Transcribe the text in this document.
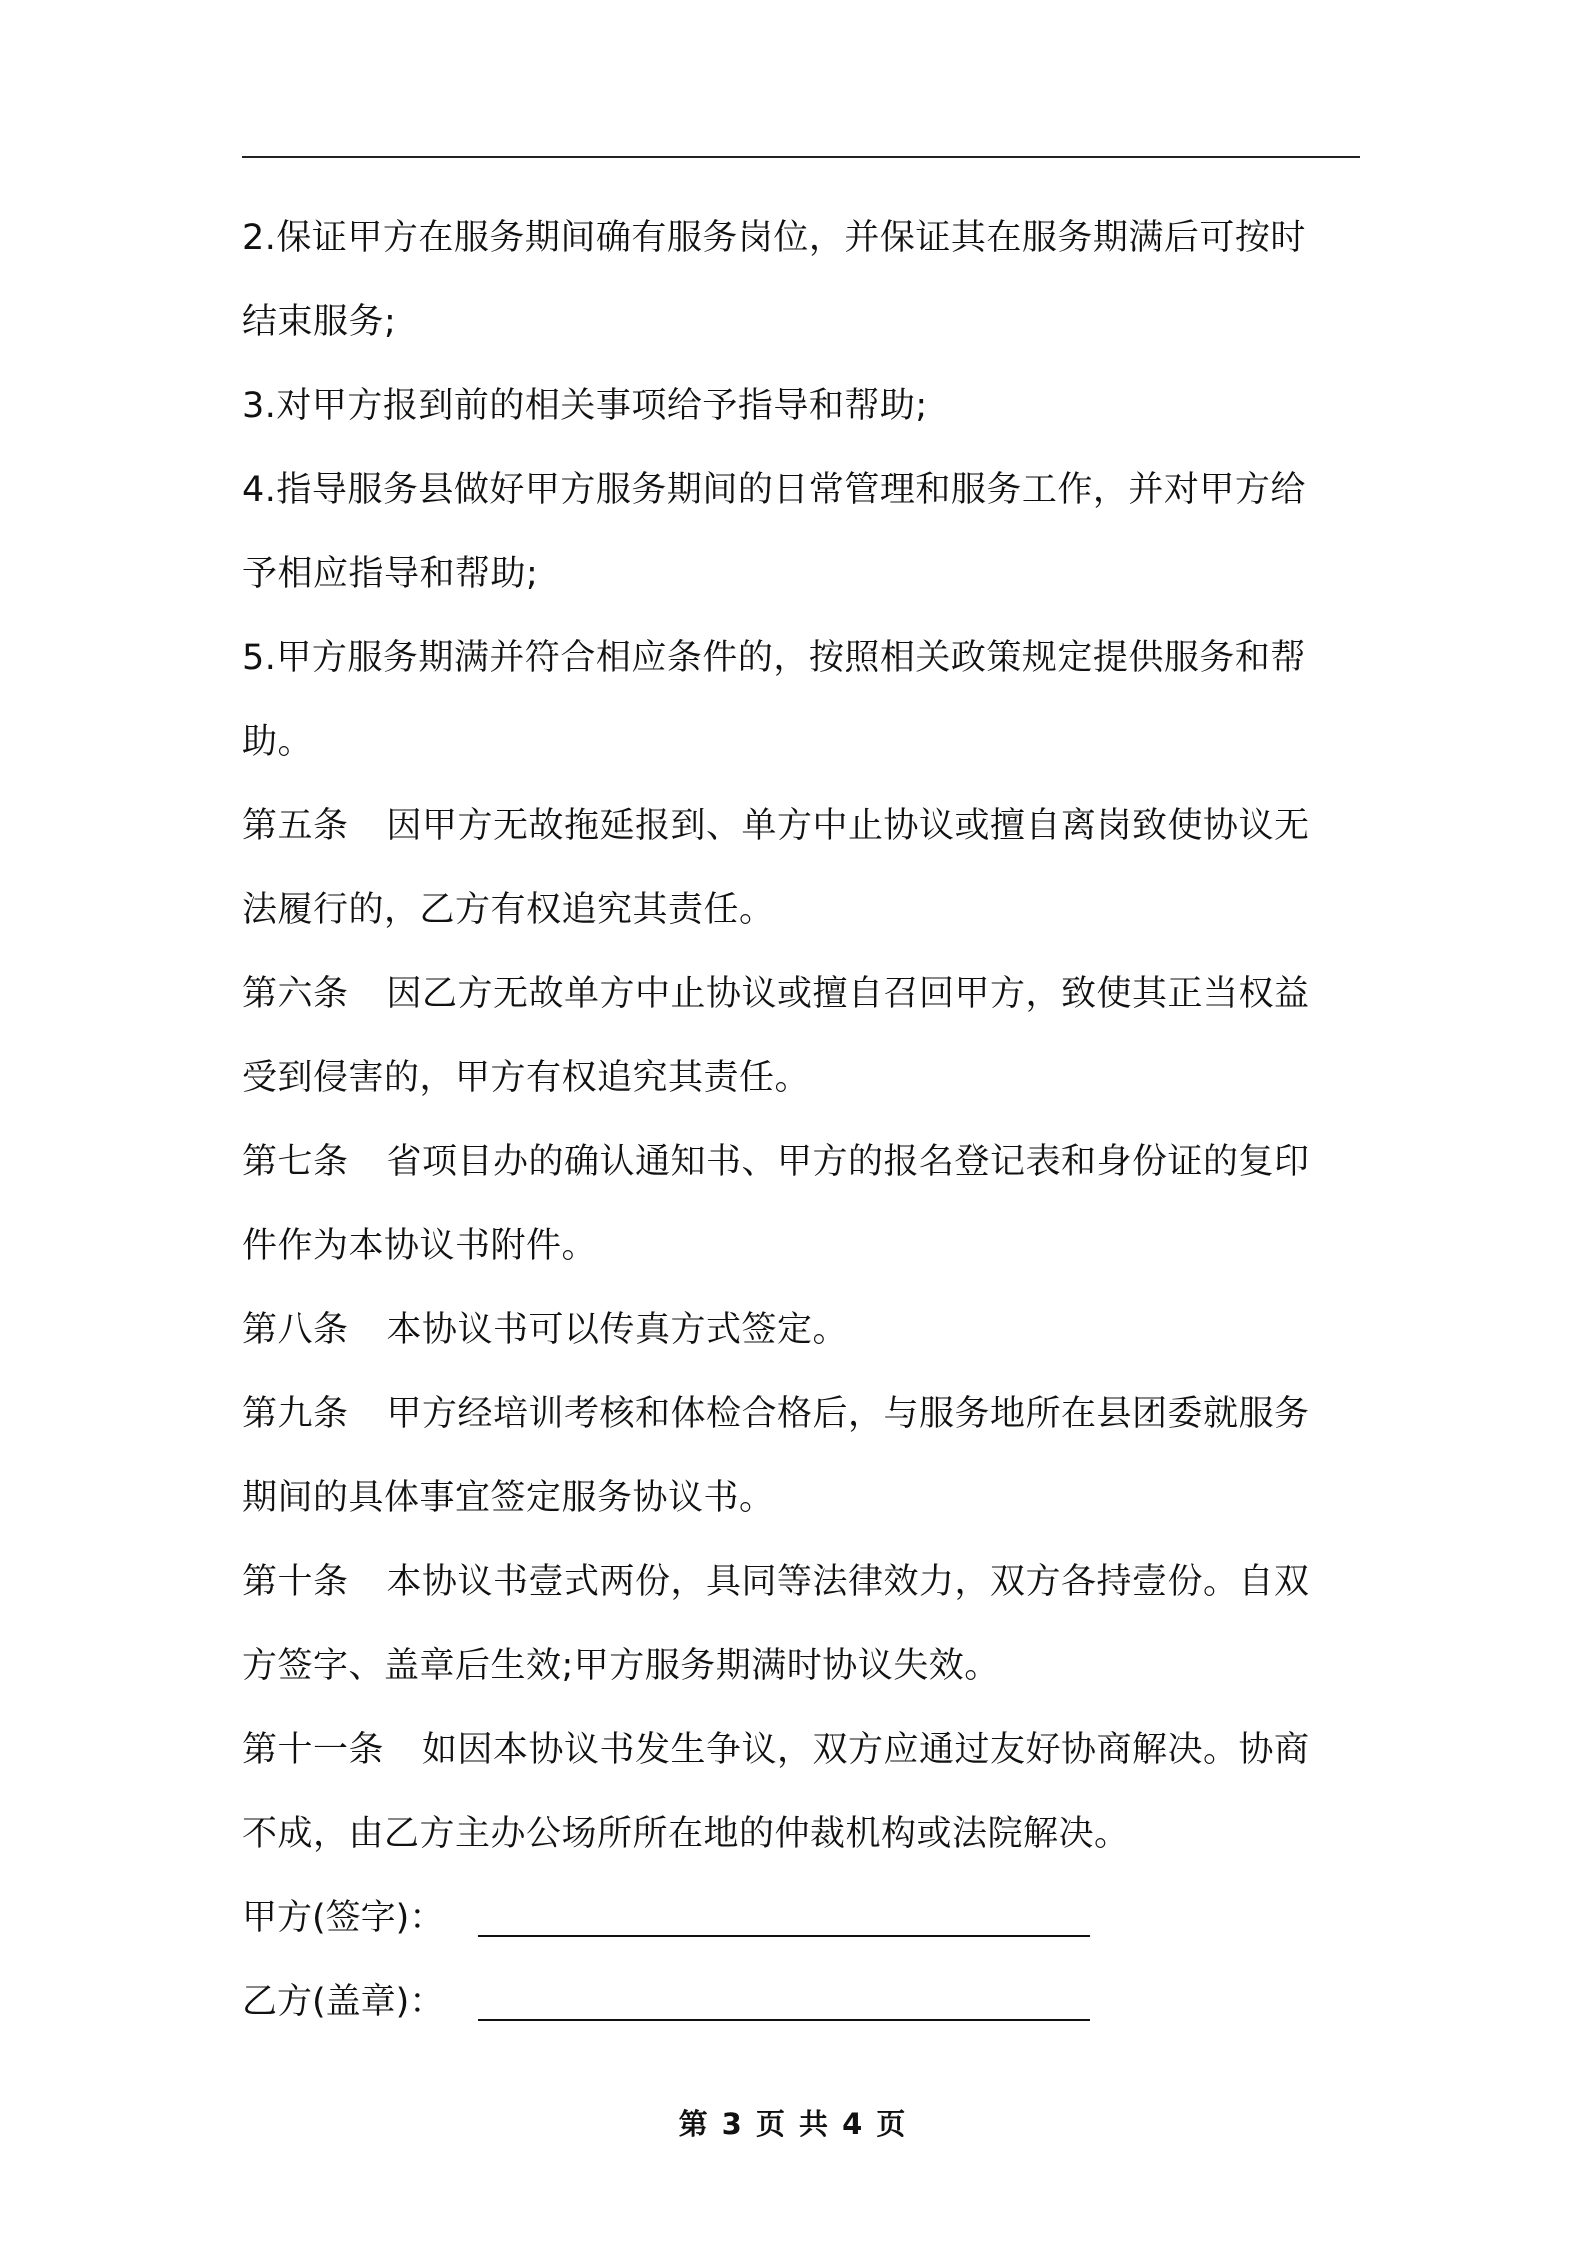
2.保证甲方在服务期间确有服务岗位，并保证其在服务期满后可按时
结束服务;
3.对甲方报到前的相关事项给予指导和帮助;
4.指导服务县做好甲方服务期间的日常管理和服务工作，并对甲方给
予相应指导和帮助;
5.甲方服务期满并符合相应条件的，按照相关政策规定提供服务和帮
助。
第五条 因甲方无故拖延报到、单方中止协议或擅自离岗致使协议无
法履行的，乙方有权追究其责任。
第六条 因乙方无故单方中止协议或擅自召回甲方，致使其正当权益
受到侵害的，甲方有权追究其责任。
第七条 省项目办的确认通知书、甲方的报名登记表和身份证的复印
件作为本协议书附件。
第八条 本协议书可以传真方式签定。
第九条 甲方经培训考核和体检合格后，与服务地所在县团委就服务
期间的具体事宜签定服务协议书。
第十条 本协议书壹式两份，具同等法律效力，双方各持壹份。自双
方签字、盖章后生效;甲方服务期满时协议失效。
第十一条 如因本协议书发生争议，双方应通过友好协商解决。协商
不成，由乙方主办公场所所在地的仲裁机构或法院解决。
甲方(签字)：
乙方(盖章)：
第 3 页 共 4 页
